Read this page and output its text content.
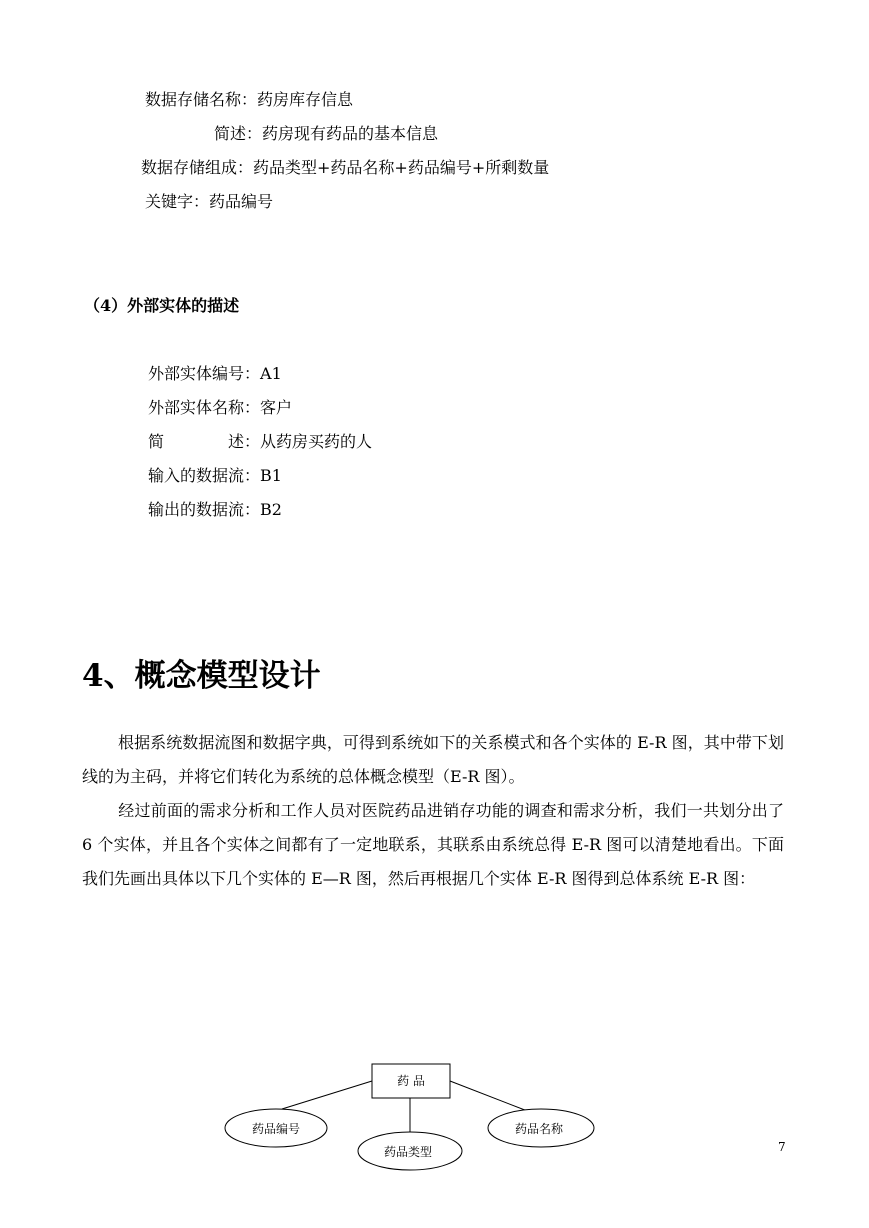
数据存储名称：药房库存信息
简述：药房现有药品的基本信息
数据存储组成：药品类型+药品名称+药品编号+所剩数量
关键字：药品编号
（4）外部实体的描述
外部实体编号：A1
外部实体名称：客户
简	述： 从药房买药的人
输入的数据流：B1
输出的数据流：B2
4、概念模型设计
根据系统数据流图和数据字典，可得到系统如下的关系模式和各个实体的 E-R 图，其中带下划线的为主码，并将它们转化为系统的总体概念模型（E-R 图）。
经过前面的需求分析和工作人员对医院药品进销存功能的调查和需求分析，我们一共划分出了 6 个实体，并且各个实体之间都有了一定地联系，其联系由系统总得 E-R 图可以清楚地看出。下面我们先画出具体以下几个实体的 E—R 图，然后再根据几个实体 E-R 图得到总体系统 E-R 图：
药 品
药品编号
药品类型
药品名称
7
